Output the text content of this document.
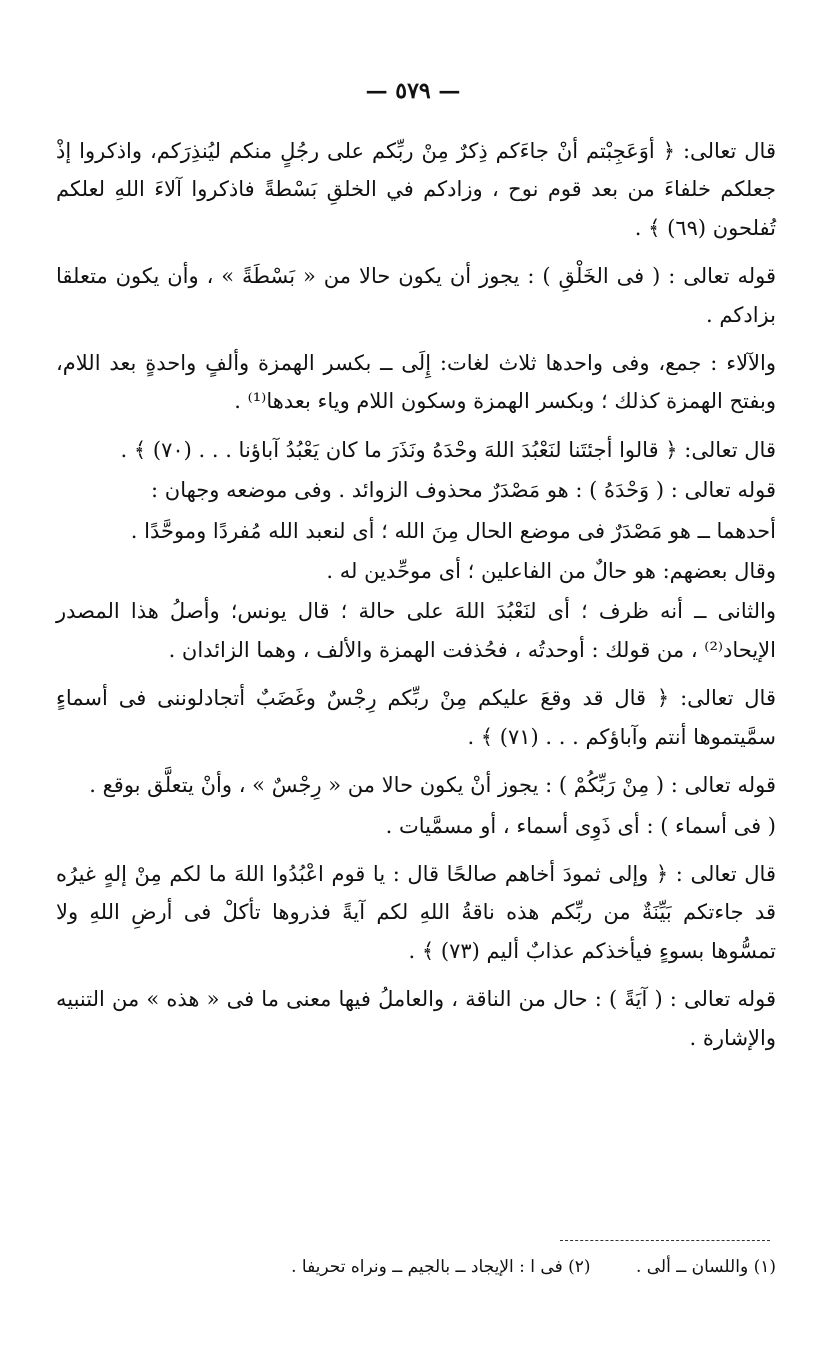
— ٥٧٩ —

قال تعالى: ﴿ أوَعَجِبْتم أنْ جاءَكم ذِكرٌ مِنْ ربِّكم على رجُلٍ منكم ليُنذِرَكم، واذكروا إذْ جعلكم خلفاءَ من بعد قوم نوح ، وزادكم في الخلقِ بَسْطةً فاذكروا آلاءَ اللهِ لعلكم تُفلحون (٦٩) ﴾ .

قوله تعالى : ( فى الخَلْقِ ) : يجوز أن يكون حالا من « بَسْطَةً » ، وأن يكون متعلقا بزادكم .

والآلاء : جمع، وفى واحدها ثلاث لغات: إِلَى ــ بكسر الهمزة وألفٍ واحدةٍ بعد اللام، وبفتح الهمزة كذلك ؛ وبكسر الهمزة وسكون اللام وياء بعدها⁽¹⁾ .

قال تعالى: ﴿ قالوا أجئتَنا لنَعْبُدَ اللهَ وحْدَهُ ونَذَرَ ما كان يَعْبُدُ آباؤنا . . . (٧٠) ﴾ .

قوله تعالى : ( وَحْدَهُ ) : هو مَصْدَرٌ محذوف الزوائد . وفى موضعه وجهان :

أحدهما ــ هو مَصْدَرٌ فى موضع الحال مِنَ الله ؛ أى لنعبد الله مُفردًا وموحَّدًا .

وقال بعضهم: هو حالٌ من الفاعلين ؛ أى موحِّدين له .

والثانى ــ أنه ظرف ؛ أى لنَعْبُدَ اللهَ على حالة ؛ قال يونس؛ وأصلُ هذا المصدر الإيحاد⁽²⁾ ، من قولك : أوحدتُه ، فحُذفت الهمزة والألف ، وهما الزائدان .

قال تعالى: ﴿ قال قد وقعَ عليكم مِنْ ربِّكم رِجْسٌ وغَضَبٌ أتجادلوننى فى أسماءٍ سمَّيتموها أنتم وآباؤكم . . . (٧١) ﴾ .

قوله تعالى : ( مِنْ رَبِّكُمْ ) : يجوز أنْ يكون حالا من « رِجْسٌ » ، وأنْ يتعلَّق بوقع .

( فى أسماء ) : أى ذَوِى أسماء ، أو مسمَّيات .

قال تعالى : ﴿ وإلى ثمودَ أخاهم صالحًا قال : يا قوم اعْبُدُوا اللهَ ما لكم مِنْ إلهٍ غيرُه قد جاءتكم بَيِّنَةٌ من ربِّكم هذه ناقةُ اللهِ لكم آيةً فذروها تأكلْ فى أرضِ اللهِ ولا تمسُّوها بسوءٍ فيأخذكم عذابٌ أليم (٧٣) ﴾ .

قوله تعالى : ( آيَةً ) : حال من الناقة ، والعاملُ فيها معنى ما فى « هذه » من التنبيه والإشارة .

(١) واللسان ــ ألى . (٢) فى ا : الإيجاد ــ بالجيم ــ ونراه تحريفا .
